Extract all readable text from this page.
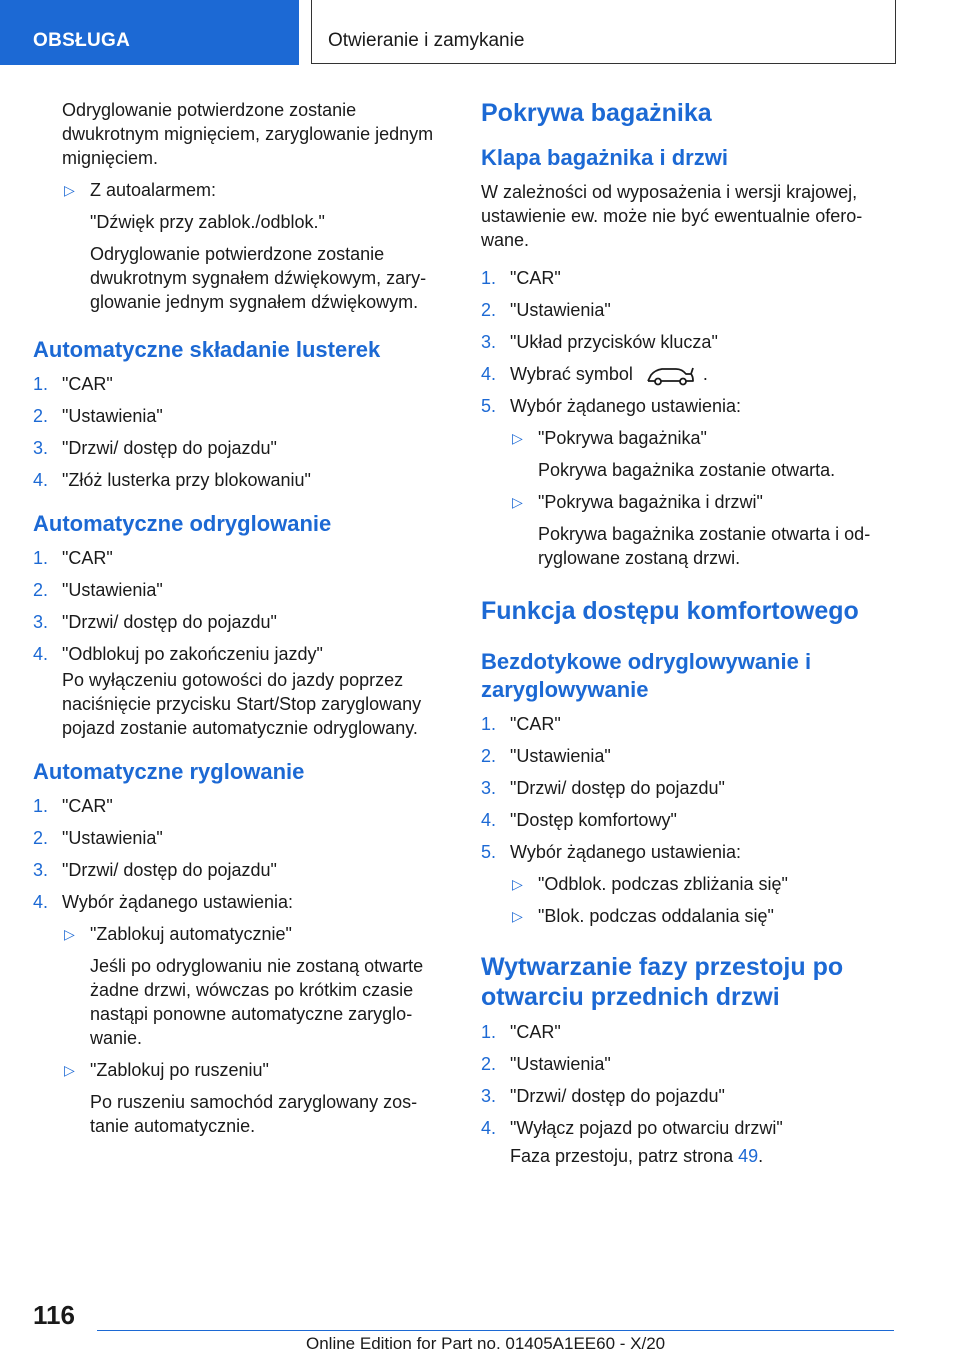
OBSŁUGA	Otwieranie i zamykanie

Odryglowanie potwierdzone zostanie dwukrotnym mignięciem, zaryglowanie jednym mignięciem.

▷ Z autoalarmem:

"Dźwięk przy zablok./odblok."

Odryglowanie potwierdzone zostanie dwukrotnym sygnałem dźwiękowym, zaryglowanie jednym sygnałem dźwiękowym.

Automatyczne składanie lusterek
1. "CAR"
2. "Ustawienia"
3. "Drzwi/ dostęp do pojazdu"
4. "Złóż lusterka przy blokowaniu"
Automatyczne odryglowanie
1. "CAR"
2. "Ustawienia"
3. "Drzwi/ dostęp do pojazdu"
4. "Odblokuj po zakończeniu jazdy"

Po wyłączeniu gotowości do jazdy poprzez naciśnięcie przycisku Start/Stop zaryglowany pojazd zostanie automatycznie odryglowany.

Automatyczne ryglowanie
1. "CAR"
2. "Ustawienia"
3. "Drzwi/ dostęp do pojazdu"
4. Wybór żądanego ustawienia:
▷ "Zablokuj automatycznie"

Jeśli po odryglowaniu nie zostaną otwarte żadne drzwi, wówczas po krótkim czasie nastąpi ponowne automatyczne zaryglowanie.

▷ "Zablokuj po ruszeniu"

Po ruszeniu samochód zaryglowany zostanie automatycznie.

Pokrywa bagażnika
Klapa bagażnika i drzwi

W zależności od wyposażenia i wersji krajowej, ustawienie ew. może nie być ewentualnie oferowane.

1. "CAR"
2. "Ustawienia"
3. "Układ przycisków klucza"
4. Wybrać symbol	.
5. Wybór żądanego ustawienia:
▷ "Pokrywa bagażnika"

Pokrywa bagażnika zostanie otwarta.

▷ "Pokrywa bagażnika i drzwi"

Pokrywa bagażnika zostanie otwarta i odryglowane zostaną drzwi.

Funkcja dostępu komfortowego
Bezdotykowe odryglowywanie i zaryglowywanie
1. "CAR"
2. "Ustawienia"
3. "Drzwi/ dostęp do pojazdu"
4. "Dostęp komfortowy"
5. Wybór żądanego ustawienia:
▷ "Odblok. podczas zbliżania się"
▷ "Blok. podczas oddalania się"
Wytwarzanie fazy przestoju po otwarciu przednich drzwi
1. "CAR"
2. "Ustawienia"
3. "Drzwi/ dostęp do pojazdu"
4. "Wyłącz pojazd po otwarciu drzwi"

Faza przestoju, patrz strona 49.

116
Online Edition for Part no. 01405A1EE60 - X/20
